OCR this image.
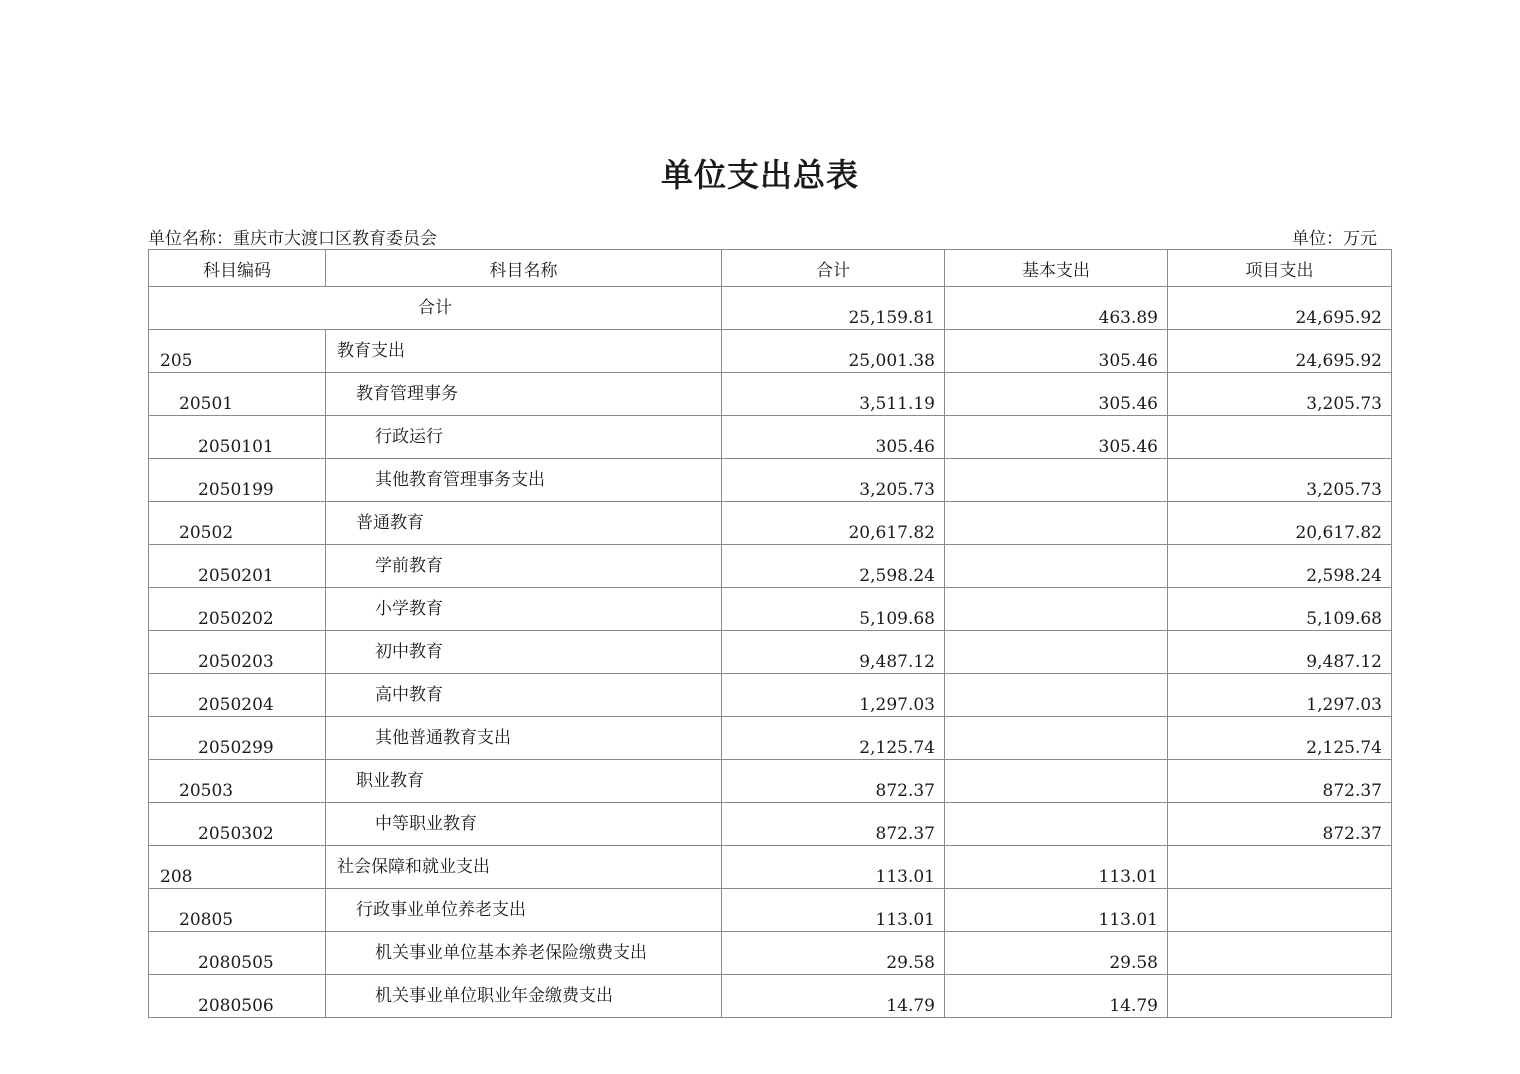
单位支出总表
单位名称：重庆市大渡口区教育委员会	单位：万元
科目编码	科目名称	合计	基本支出	项目支出
合计		25,159.81	463.89	24,695.92
205	教育支出	25,001.38	305.46	24,695.92
20501	教育管理事务	3,511.19	305.46	3,205.73
2050101	行政运行	305.46	305.46	
2050199	其他教育管理事务支出	3,205.73		3,205.73
20502	普通教育	20,617.82		20,617.82
2050201	学前教育	2,598.24		2,598.24
2050202	小学教育	5,109.68		5,109.68
2050203	初中教育	9,487.12		9,487.12
2050204	高中教育	1,297.03		1,297.03
2050299	其他普通教育支出	2,125.74		2,125.74
20503	职业教育	872.37		872.37
2050302	中等职业教育	872.37		872.37
208	社会保障和就业支出	113.01	113.01	
20805	行政事业单位养老支出	113.01	113.01	
2080505	机关事业单位基本养老保险缴费支出	29.58	29.58	
2080506	机关事业单位职业年金缴费支出	14.79	14.79	
